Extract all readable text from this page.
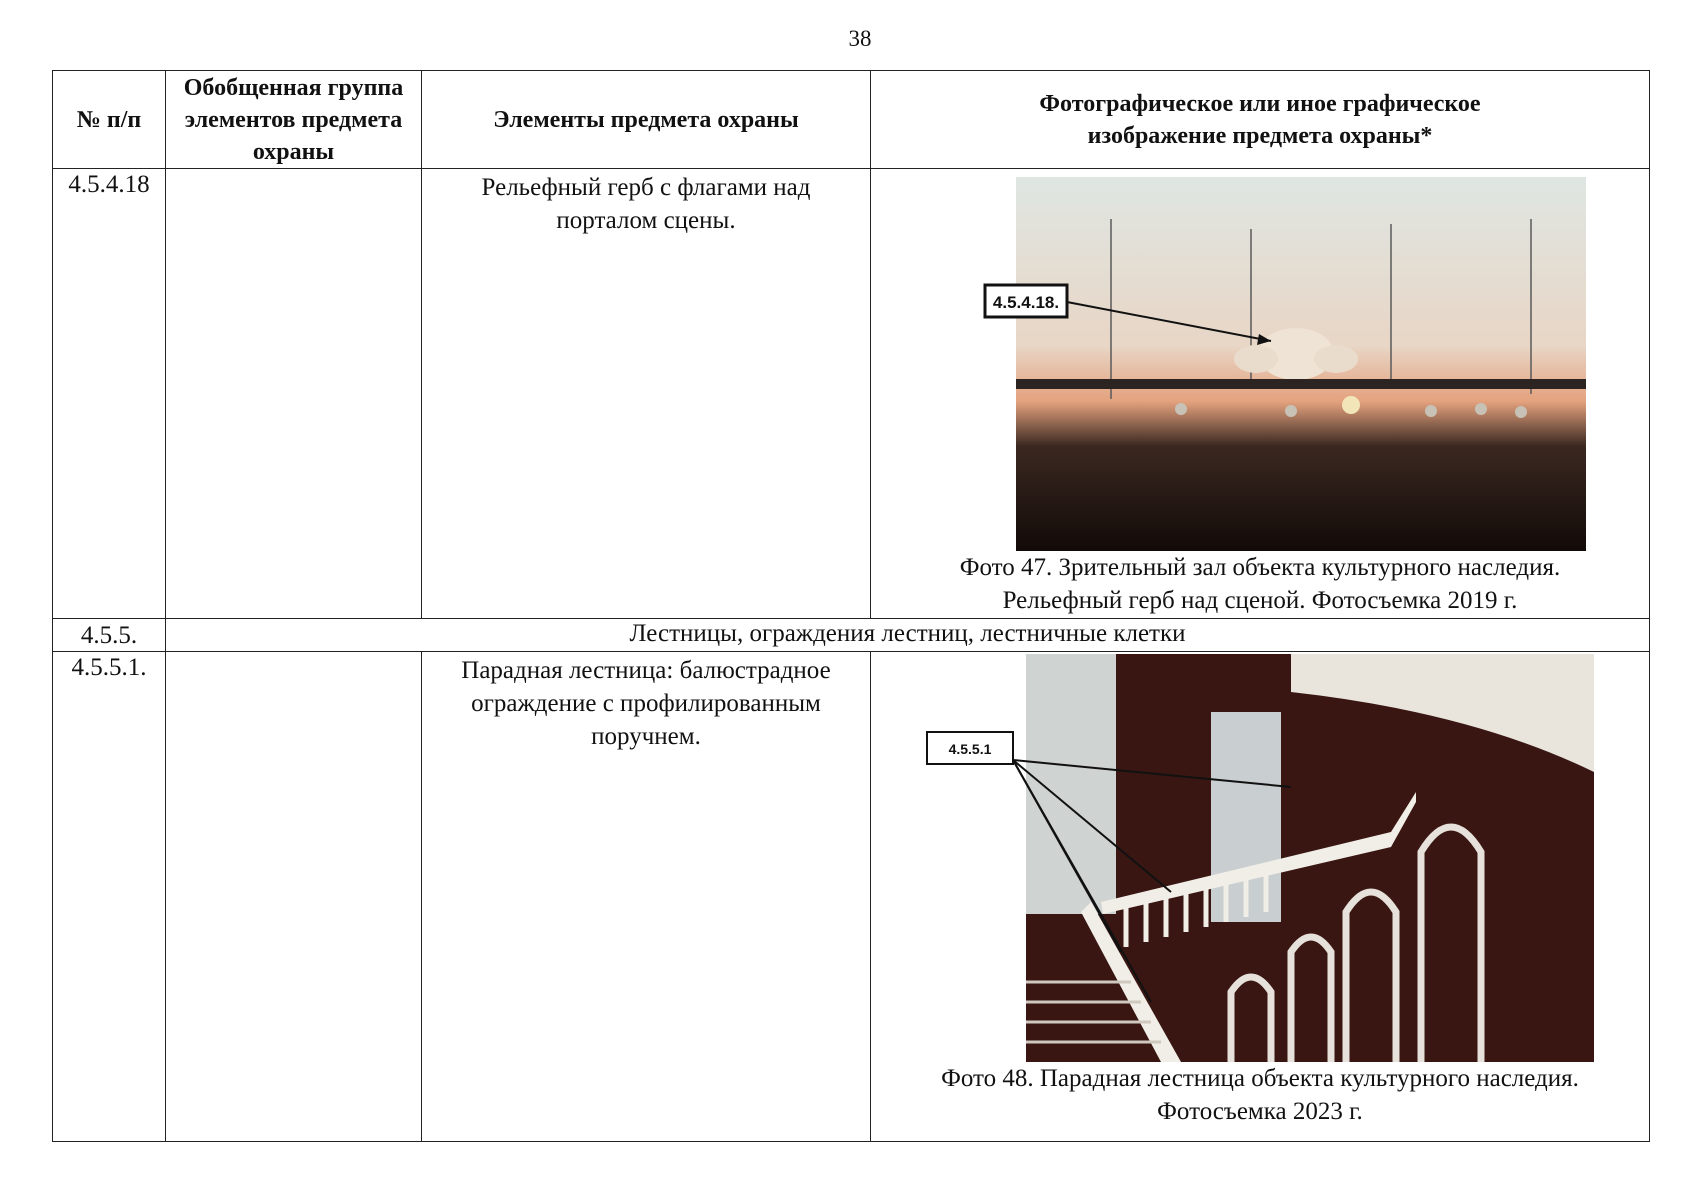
38
№ п/п	Обобщенная группа элементов предмета охраны	Элементы предмета охраны	Фотографическое или иное графическое изображение предмета охраны*
4.5.4.18		Рельефный герб с флагами над порталом сцены.	4.5.4.18.
Фото 47. Зрительный зал объекта культурного наследия.
Рельефный герб над сценой. Фотосъемка 2019 г.

4.5.5.	Лестницы, ограждения лестниц, лестничные клетки		
4.5.5.1.		Парадная лестница: балюстрадное ограждение с профилированным поручнем.	4.5.5.1
Фото 48. Парадная лестница объекта культурного наследия.
Фотосъемка 2023 г.
